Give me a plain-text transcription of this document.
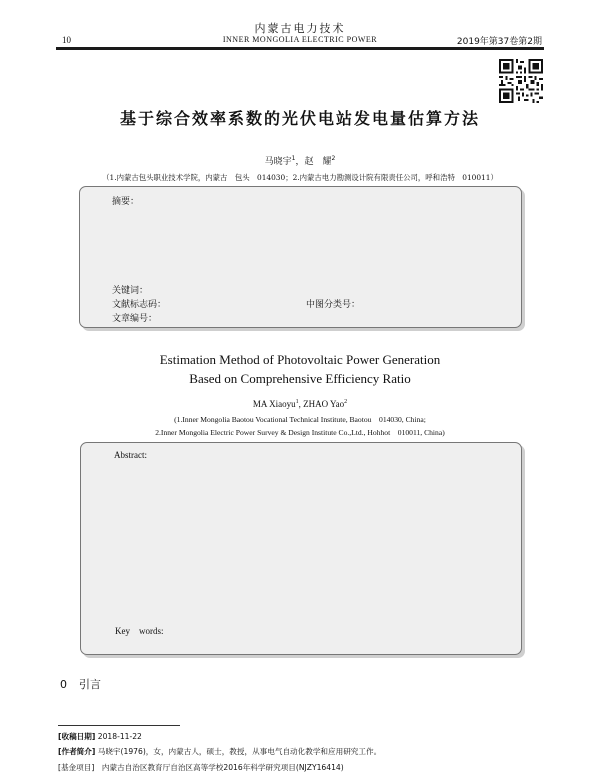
内蒙古电力技术
10	INNER MONGOLIA ELECTRIC POWER	2019年第37卷第2期
基于综合效率系数的光伏电站发电量估算方法
马晓宇$^1$，赵　耀$^2$
（1.内蒙古包头职业技术学院，内蒙古　包头　014030；2.内蒙古电力勘测设计院有限责任公司，呼和浩特　010011）
摘要：
关键词：
文献标志码：	中图分类号：
文章编号：
Estimation Method of Photovoltaic Power Generation
Based on Comprehensive Efficiency Ratio
MA Xiaoyu$^1$, ZHAO Yao$^2$
(1.Inner Mongolia Baotou Vocational Technical Institute, Baotou　014030, China;
2.Inner Mongolia Electric Power Survey & Design Institute Co.,Ltd., Hohhot　010011, China)
Abstract:
Key　words:
0 引言
[收稿日期] 2018-11-22
[作者简介] 马晓宇(1976)，女，内蒙古人，硕士，教授，从事电气自动化教学和应用研究工作。
[基金项目]　内蒙古自治区教育厅自治区高等学校2016年科学研究项目(NJZY16414)
